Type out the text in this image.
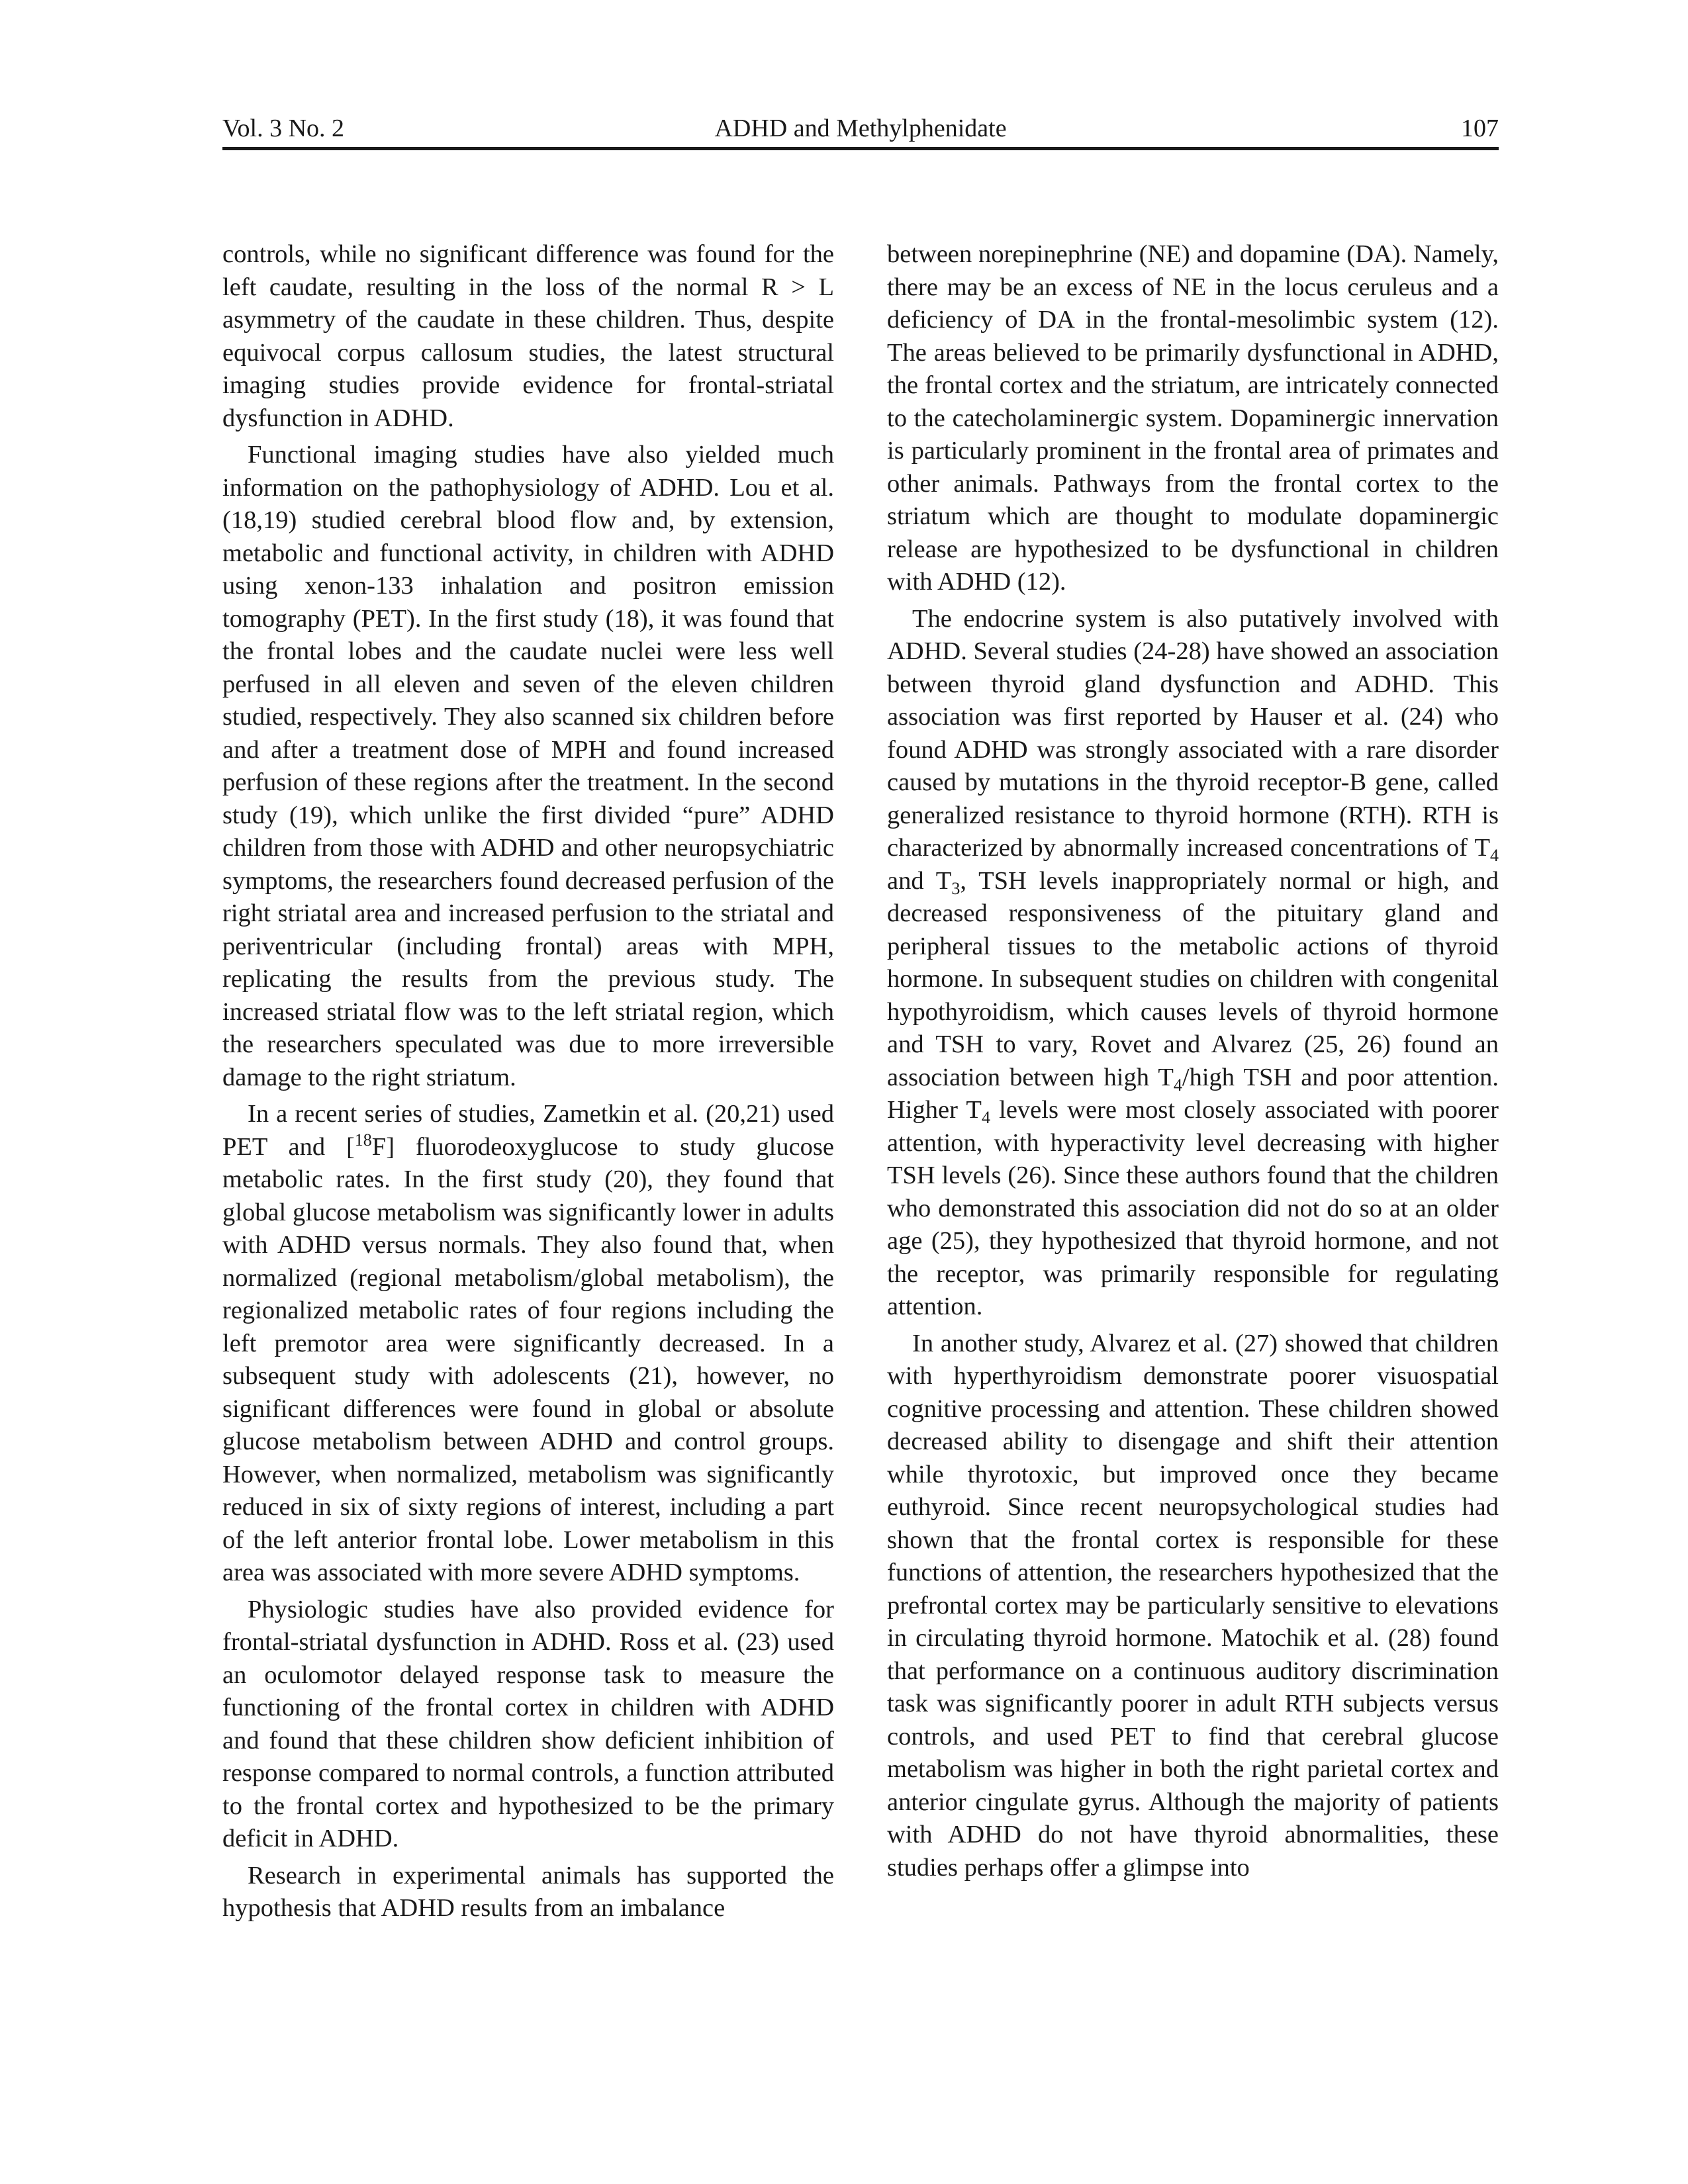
Vol. 3 No. 2	ADHD and Methylphenidate	107

controls, while no significant difference was found for the left caudate, resulting in the loss of the normal R > L asymmetry of the caudate in these children. Thus, despite equivocal corpus callosum studies, the latest structural imaging studies provide evidence for frontal-striatal dysfunction in ADHD.

Functional imaging studies have also yielded much information on the pathophysiology of ADHD. Lou et al. (18,19) studied cerebral blood flow and, by extension, metabolic and functional activity, in children with ADHD using xenon-133 inhalation and positron emission tomography (PET). In the first study (18), it was found that the frontal lobes and the caudate nuclei were less well perfused in all eleven and seven of the eleven children studied, respectively. They also scanned six children before and after a treatment dose of MPH and found increased perfusion of these regions after the treatment. In the second study (19), which unlike the first divided “pure” ADHD children from those with ADHD and other neuropsychiatric symptoms, the researchers found decreased perfusion of the right striatal area and increased perfusion to the striatal and periventricular (including frontal) areas with MPH, replicating the results from the previous study. The increased striatal flow was to the left striatal region, which the researchers speculated was due to more irreversible damage to the right striatum.

In a recent series of studies, Zametkin et al. (20,21) used PET and [$^{18}$F] fluorodeoxyglucose to study glucose metabolic rates. In the first study (20), they found that global glucose metabolism was significantly lower in adults with ADHD versus normals. They also found that, when normalized (regional metabolism/global metabolism), the regionalized metabolic rates of four regions including the left premotor area were significantly decreased. In a subsequent study with adolescents (21), however, no significant differences were found in global or absolute glucose metabolism between ADHD and control groups. However, when normalized, metabolism was significantly reduced in six of sixty regions of interest, including a part of the left anterior frontal lobe. Lower metabolism in this area was associated with more severe ADHD symptoms.

Physiologic studies have also provided evidence for frontal-striatal dysfunction in ADHD. Ross et al. (23) used an oculomotor delayed response task to measure the functioning of the frontal cortex in children with ADHD and found that these children show deficient inhibition of response compared to normal controls, a function attributed to the frontal cortex and hypothesized to be the primary deficit in ADHD.

Research in experimental animals has supported the hypothesis that ADHD results from an imbalance

between norepinephrine (NE) and dopamine (DA). Namely, there may be an excess of NE in the locus ceruleus and a deficiency of DA in the frontal-mesolimbic system (12). The areas believed to be primarily dysfunctional in ADHD, the frontal cortex and the striatum, are intricately connected to the catecholaminergic system. Dopaminergic innervation is particularly prominent in the frontal area of primates and other animals. Pathways from the frontal cortex to the striatum which are thought to modulate dopaminergic release are hypothesized to be dysfunctional in children with ADHD (12).

The endocrine system is also putatively involved with ADHD. Several studies (24-28) have showed an association between thyroid gland dysfunction and ADHD. This association was first reported by Hauser et al. (24) who found ADHD was strongly associated with a rare disorder caused by mutations in the thyroid receptor-B gene, called generalized resistance to thyroid hormone (RTH). RTH is characterized by abnormally increased concentrations of $T_4$ and $T_3$, TSH levels inappropriately normal or high, and decreased responsiveness of the pituitary gland and peripheral tissues to the metabolic actions of thyroid hormone. In subsequent studies on children with congenital hypothyroidism, which causes levels of thyroid hormone and TSH to vary, Rovet and Alvarez (25, 26) found an association between high $T_4$/high TSH and poor attention. Higher $T_4$ levels were most closely associated with poorer attention, with hyperactivity level decreasing with higher TSH levels (26). Since these authors found that the children who demonstrated this association did not do so at an older age (25), they hypothesized that thyroid hormone, and not the receptor, was primarily responsible for regulating attention.

In another study, Alvarez et al. (27) showed that children with hyperthyroidism demonstrate poorer visuospatial cognitive processing and attention. These children showed decreased ability to disengage and shift their attention while thyrotoxic, but improved once they became euthyroid. Since recent neuropsychological studies had shown that the frontal cortex is responsible for these functions of attention, the researchers hypothesized that the prefrontal cortex may be particularly sensitive to elevations in circulating thyroid hormone. Matochik et al. (28) found that performance on a continuous auditory discrimination task was significantly poorer in adult RTH subjects versus controls, and used PET to find that cerebral glucose metabolism was higher in both the right parietal cortex and anterior cingulate gyrus. Although the majority of patients with ADHD do not have thyroid abnormalities, these studies perhaps offer a glimpse into
